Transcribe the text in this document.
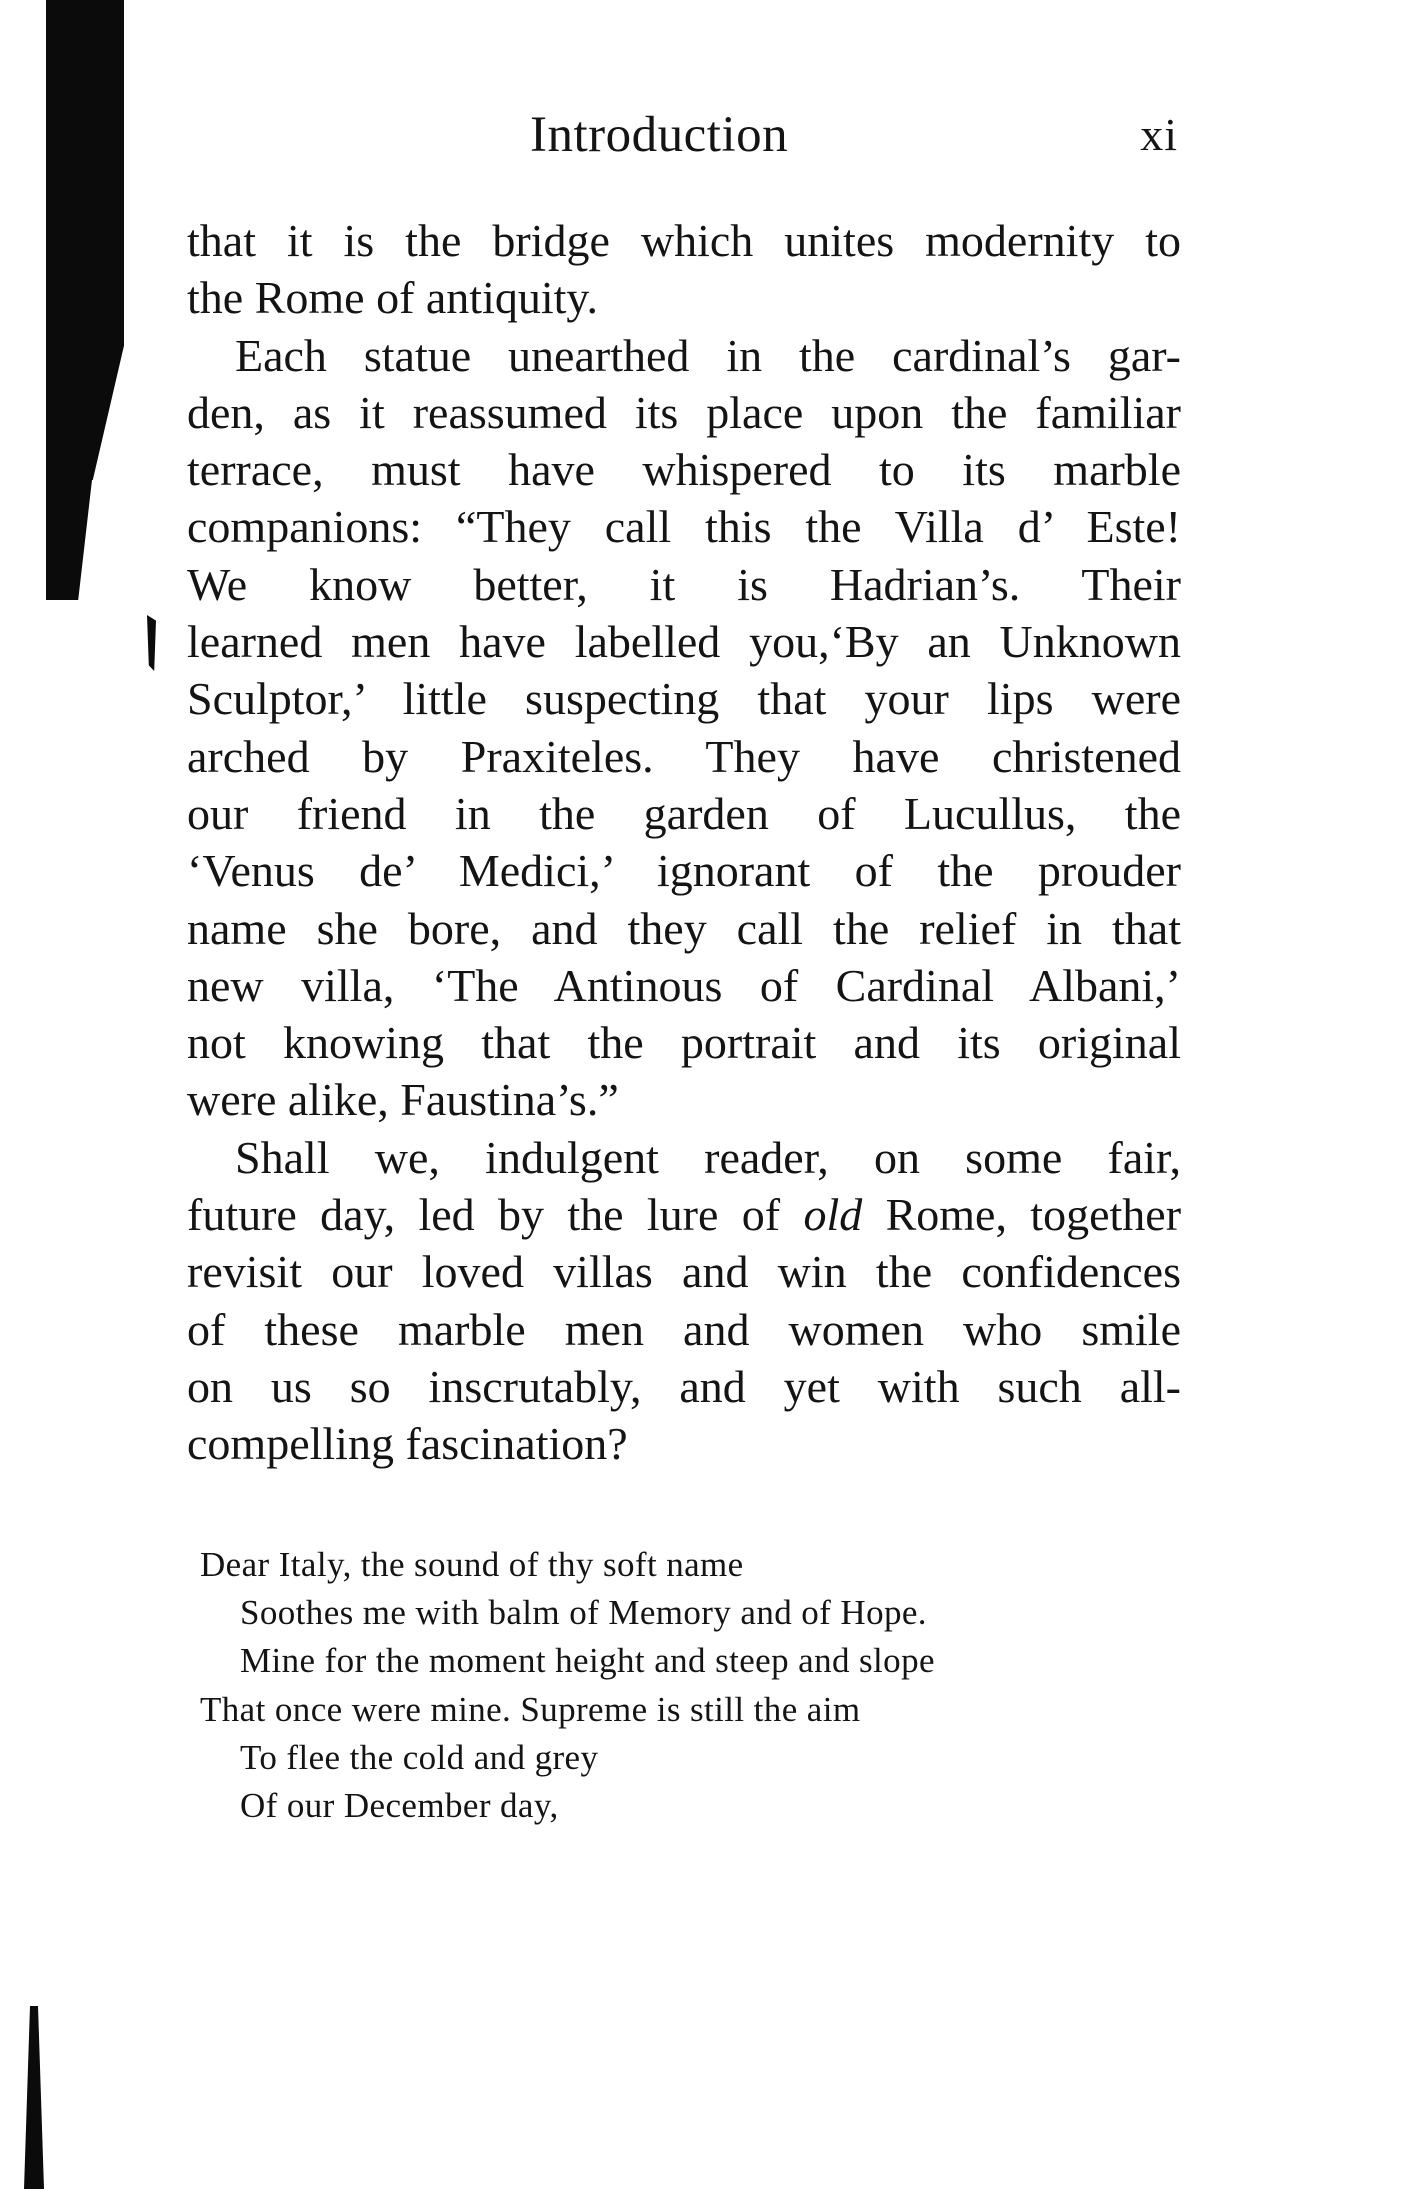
Introduction	xi
that it is the bridge which unites modernity to
the Rome of antiquity.
Each statue unearthed in the cardinal’s gar-
den, as it reassumed its place upon the familiar
terrace, must have whispered to its marble
companions: “They call this the Villa d’ Este!
We know better, it is Hadrian’s. Their
learned men have labelled you,‘By an Unknown
Sculptor,’ little suspecting that your lips were
arched by Praxiteles. They have christened
our friend in the garden of Lucullus, the
‘Venus de’ Medici,’ ignorant of the prouder
name she bore, and they call the relief in that
new villa, ‘The Antinous of Cardinal Albani,’
not knowing that the portrait and its original
were alike, Faustina’s.”
Shall we, indulgent reader, on some fair,
future day, led by the lure of old Rome, together
revisit our loved villas and win the confidences
of these marble men and women who smile
on us so inscrutably, and yet with such all-
compelling fascination?
Dear Italy, the sound of thy soft name
Soothes me with balm of Memory and of Hope.
Mine for the moment height and steep and slope
That once were mine. Supreme is still the aim
To flee the cold and grey
Of our December day,
